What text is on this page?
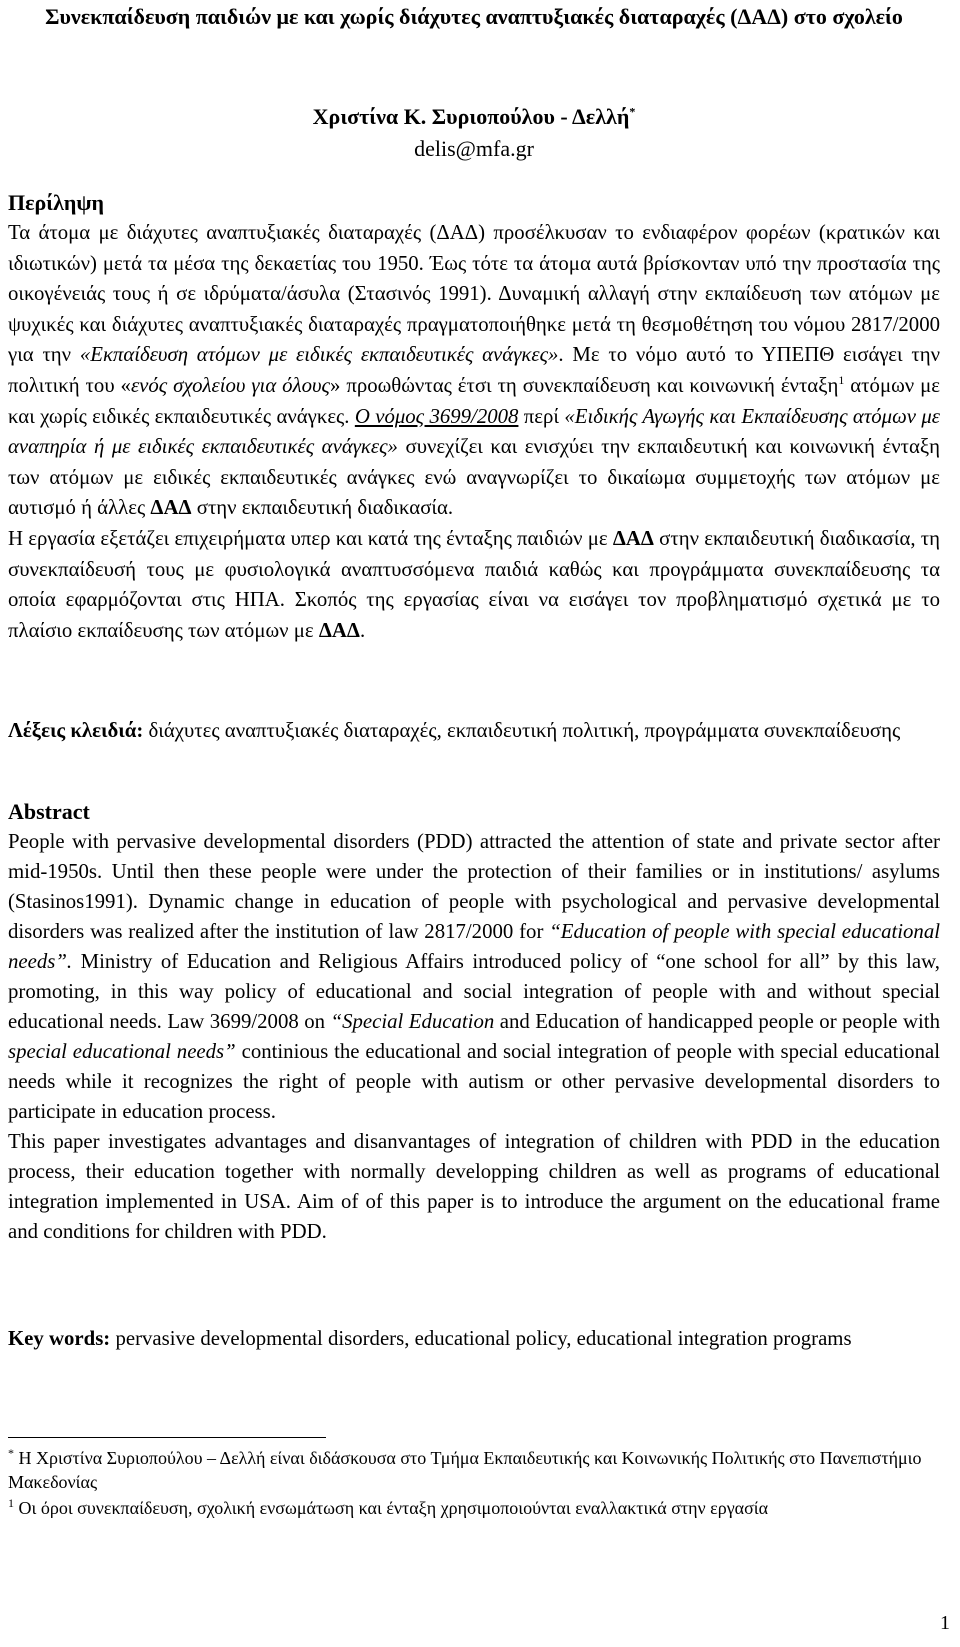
Συνεκπαίδευση παιδιών με και χωρίς διάχυτες αναπτυξιακές διαταραχές (ΔΑΔ) στο σχολείο
Χριστίνα Κ. Συριοπούλου - Δελλή*
delis@mfa.gr
Περίληψη

Τα άτομα με διάχυτες αναπτυξιακές διαταραχές (ΔΑΔ) προσέλκυσαν το ενδιαφέρον φορέων (κρατικών και ιδιωτικών) μετά τα μέσα της δεκαετίας του 1950. Έως τότε τα άτομα αυτά βρίσκονταν υπό την προστασία της οικογένειάς τους ή σε ιδρύματα/άσυλα (Στασινός 1991). Δυναμική αλλαγή στην εκπαίδευση των ατόμων με ψυχικές και διάχυτες αναπτυξιακές διαταραχές πραγματοποιήθηκε μετά τη θεσμοθέτηση του νόμου 2817/2000 για την «Εκπαίδευση ατόμων με ειδικές εκπαιδευτικές ανάγκες». Με το νόμο αυτό το ΥΠΕΠΘ εισάγει την πολιτική του «ενός σχολείου για όλους» προωθώντας έτσι τη συνεκπαίδευση και κοινωνική ένταξη$^1$ ατόμων με και χωρίς ειδικές εκπαιδευτικές ανάγκες. Ο νόμος 3699/2008 περί «Ειδικής Αγωγής και Εκπαίδευσης ατόμων με αναπηρία ή με ειδικές εκπαιδευτικές ανάγκες» συνεχίζει και ενισχύει την εκπαιδευτική και κοινωνική ένταξη των ατόμων με ειδικές εκπαιδευτικές ανάγκες ενώ αναγνωρίζει το δικαίωμα συμμετοχής των ατόμων με αυτισμό ή άλλες ΔΑΔ στην εκπαιδευτική διαδικασία.

Η εργασία εξετάζει επιχειρήματα υπερ και κατά της ένταξης παιδιών με ΔΑΔ στην εκπαιδευτική διαδικασία, τη συνεκπαίδευσή τους με φυσιολογικά αναπτυσσόμενα παιδιά καθώς και προγράμματα συνεκπαίδευσης τα οποία εφαρμόζονται στις ΗΠΑ. Σκοπός της εργασίας είναι να εισάγει τον προβληματισμό σχετικά με το πλαίσιο εκπαίδευσης των ατόμων με ΔΑΔ.

Λέξεις κλειδιά: διάχυτες αναπτυξιακές διαταραχές, εκπαιδευτική πολιτική, προγράμματα συνεκπαίδευσης
Abstract

People with pervasive developmental disorders (PDD) attracted the attention of state and private sector after mid-1950s. Until then these people were under the protection of their families or in institutions/ asylums (Stasinos1991). Dynamic change in education of people with psychological and pervasive developmental disorders was realized after the institution of law 2817/2000 for “Education of people with special educational needs”. Ministry of Education and Religious Affairs introduced policy of “one school for all” by this law, promoting, in this way policy of educational and social integration of people with and without special educational needs. Law 3699/2008 on “Special Education and Education of handicapped people or people with special educational needs” continious the educational and social integration of people with special educational needs while it recognizes the right of people with autism or other pervasive developmental disorders to participate in education process.

This paper investigates advantages and disanvantages of integration of children with PDD in the education process, their education together with normally developping children as well as programs of educational integration implemented in USA. Aim of of this paper is to introduce the argument on the educational frame and conditions for children with PDD.

Key words: pervasive developmental disorders, educational policy, educational integration programs

* Η Χριστίνα Συριοπούλου – Δελλή είναι διδάσκουσα στο Τμήμα Εκπαιδευτικής και Κοινωνικής Πολιτικής στο Πανεπιστήμιο Μακεδονίας

$^1$ Οι όροι συνεκπαίδευση, σχολική ενσωμάτωση και ένταξη χρησιμοποιούνται εναλλακτικά στην εργασία

1
